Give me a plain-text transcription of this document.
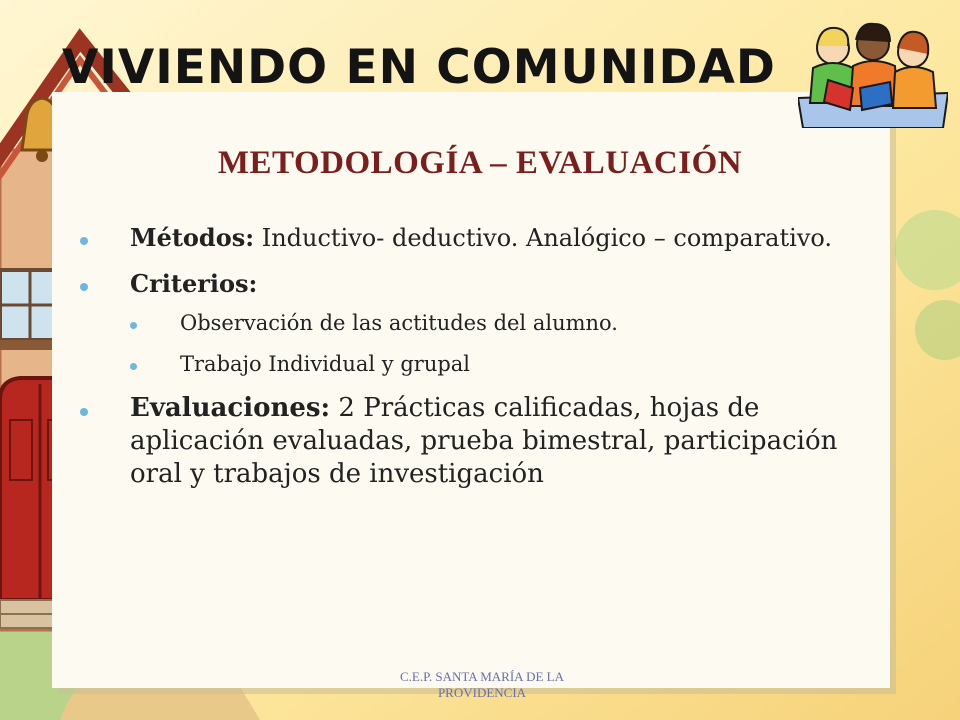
VIVIENDO EN COMUNIDAD
METODOLOGÍA – EVALUACIÓN
Métodos: Inductivo- deductivo. Analógico – comparativo.
Criterios:
Observación de las actitudes del alumno.
Trabajo Individual y grupal
Evaluaciones: 2 Prácticas calificadas, hojas de aplicación evaluadas, prueba bimestral, participación oral y trabajos de investigación
C.E.P. SANTA MARÍA DE LA
PROVIDENCIA
